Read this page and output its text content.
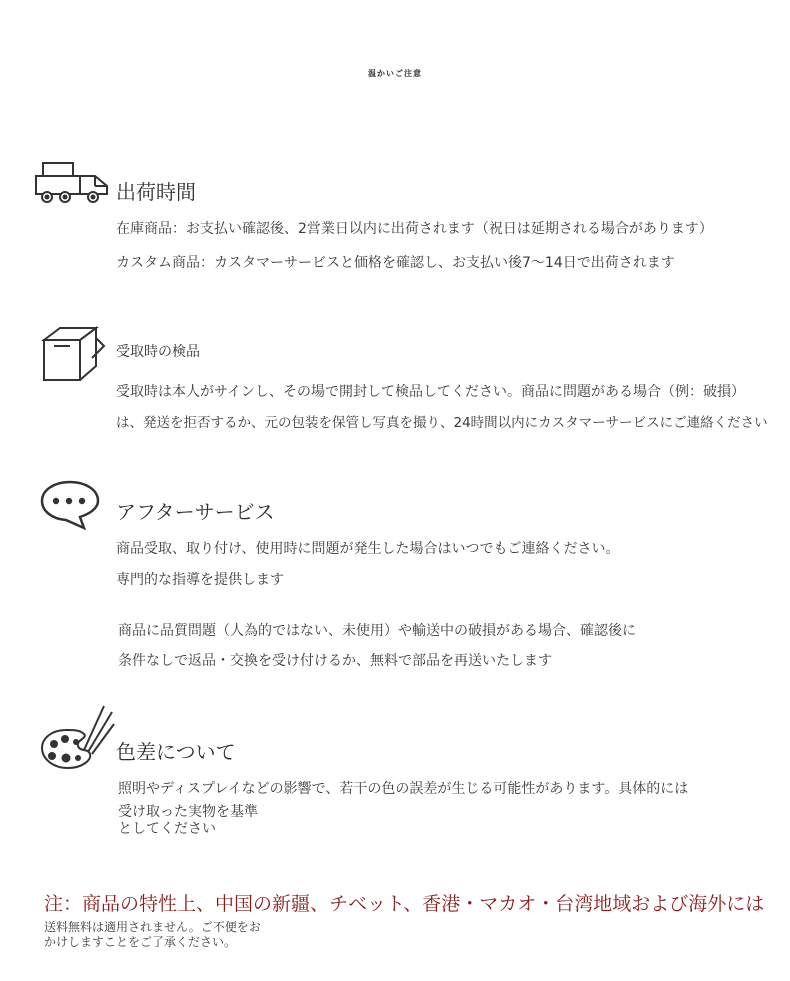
温かいご注意
出荷時間
在庫商品：お支払い確認後、2営業日以内に出荷されます（祝日は延期される場合があります）
カスタム商品：カスタマーサービスと価格を確認し、お支払い後7〜14日で出荷されます
受取時の検品
受取時は本人がサインし、その場で開封して検品してください。商品に問題がある場合（例：破損）
は、発送を拒否するか、元の包装を保管し写真を撮り、24時間以内にカスタマーサービスにご連絡ください
アフターサービス
商品受取、取り付け、使用時に問題が発生した場合はいつでもご連絡ください。
専門的な指導を提供します
商品に品質問題（人為的ではない、未使用）や輸送中の破損がある場合、確認後に
条件なしで返品・交換を受け付けるか、無料で部品を再送いたします
色差について
照明やディスプレイなどの影響で、若干の色の誤差が生じる可能性があります。具体的には
受け取った実物を基準
としてください
注：商品の特性上、中国の新疆、チベット、香港・マカオ・台湾地域および海外には
送料無料は適用されません。ご不便をお
かけしますことをご了承ください。
